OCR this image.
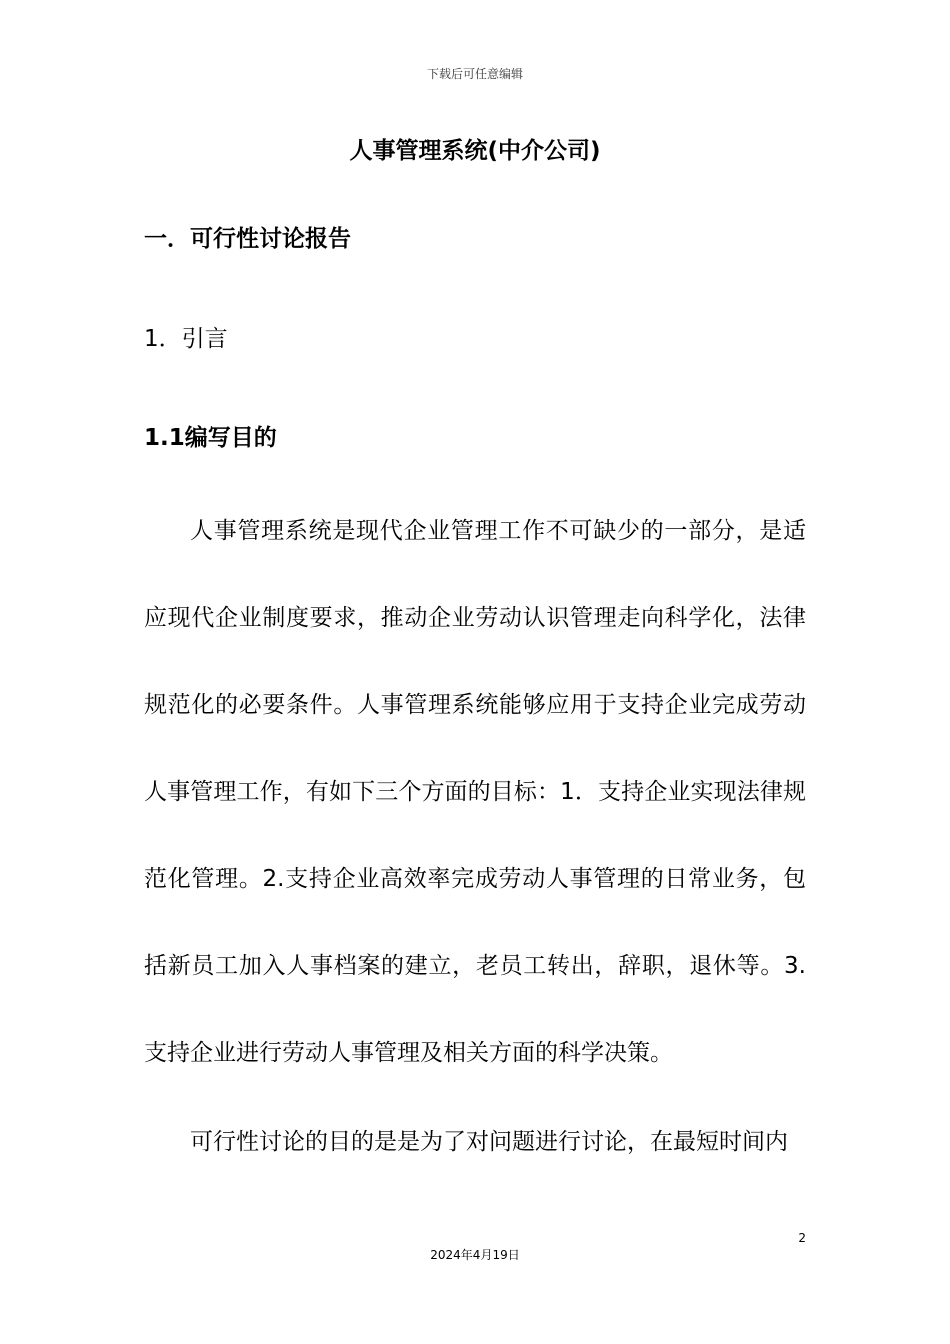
下载后可任意编辑
人事管理系统(中介公司)
一．可行性讨论报告
1．引言
1.1编写目的

人事管理系统是现代企业管理工作不可缺少的一部分，是适应现代企业制度要求，推动企业劳动认识管理走向科学化，法律规范化的必要条件。人事管理系统能够应用于支持企业完成劳动人事管理工作，有如下三个方面的目标：1．支持企业实现法律规范化管理。2.支持企业高效率完成劳动人事管理的日常业务，包括新员工加入人事档案的建立，老员工转出，辞职，退休等。3.支持企业进行劳动人事管理及相关方面的科学决策。

可行性讨论的目的是是为了对问题进行讨论，在最短时间内

2
2024年4月19日
